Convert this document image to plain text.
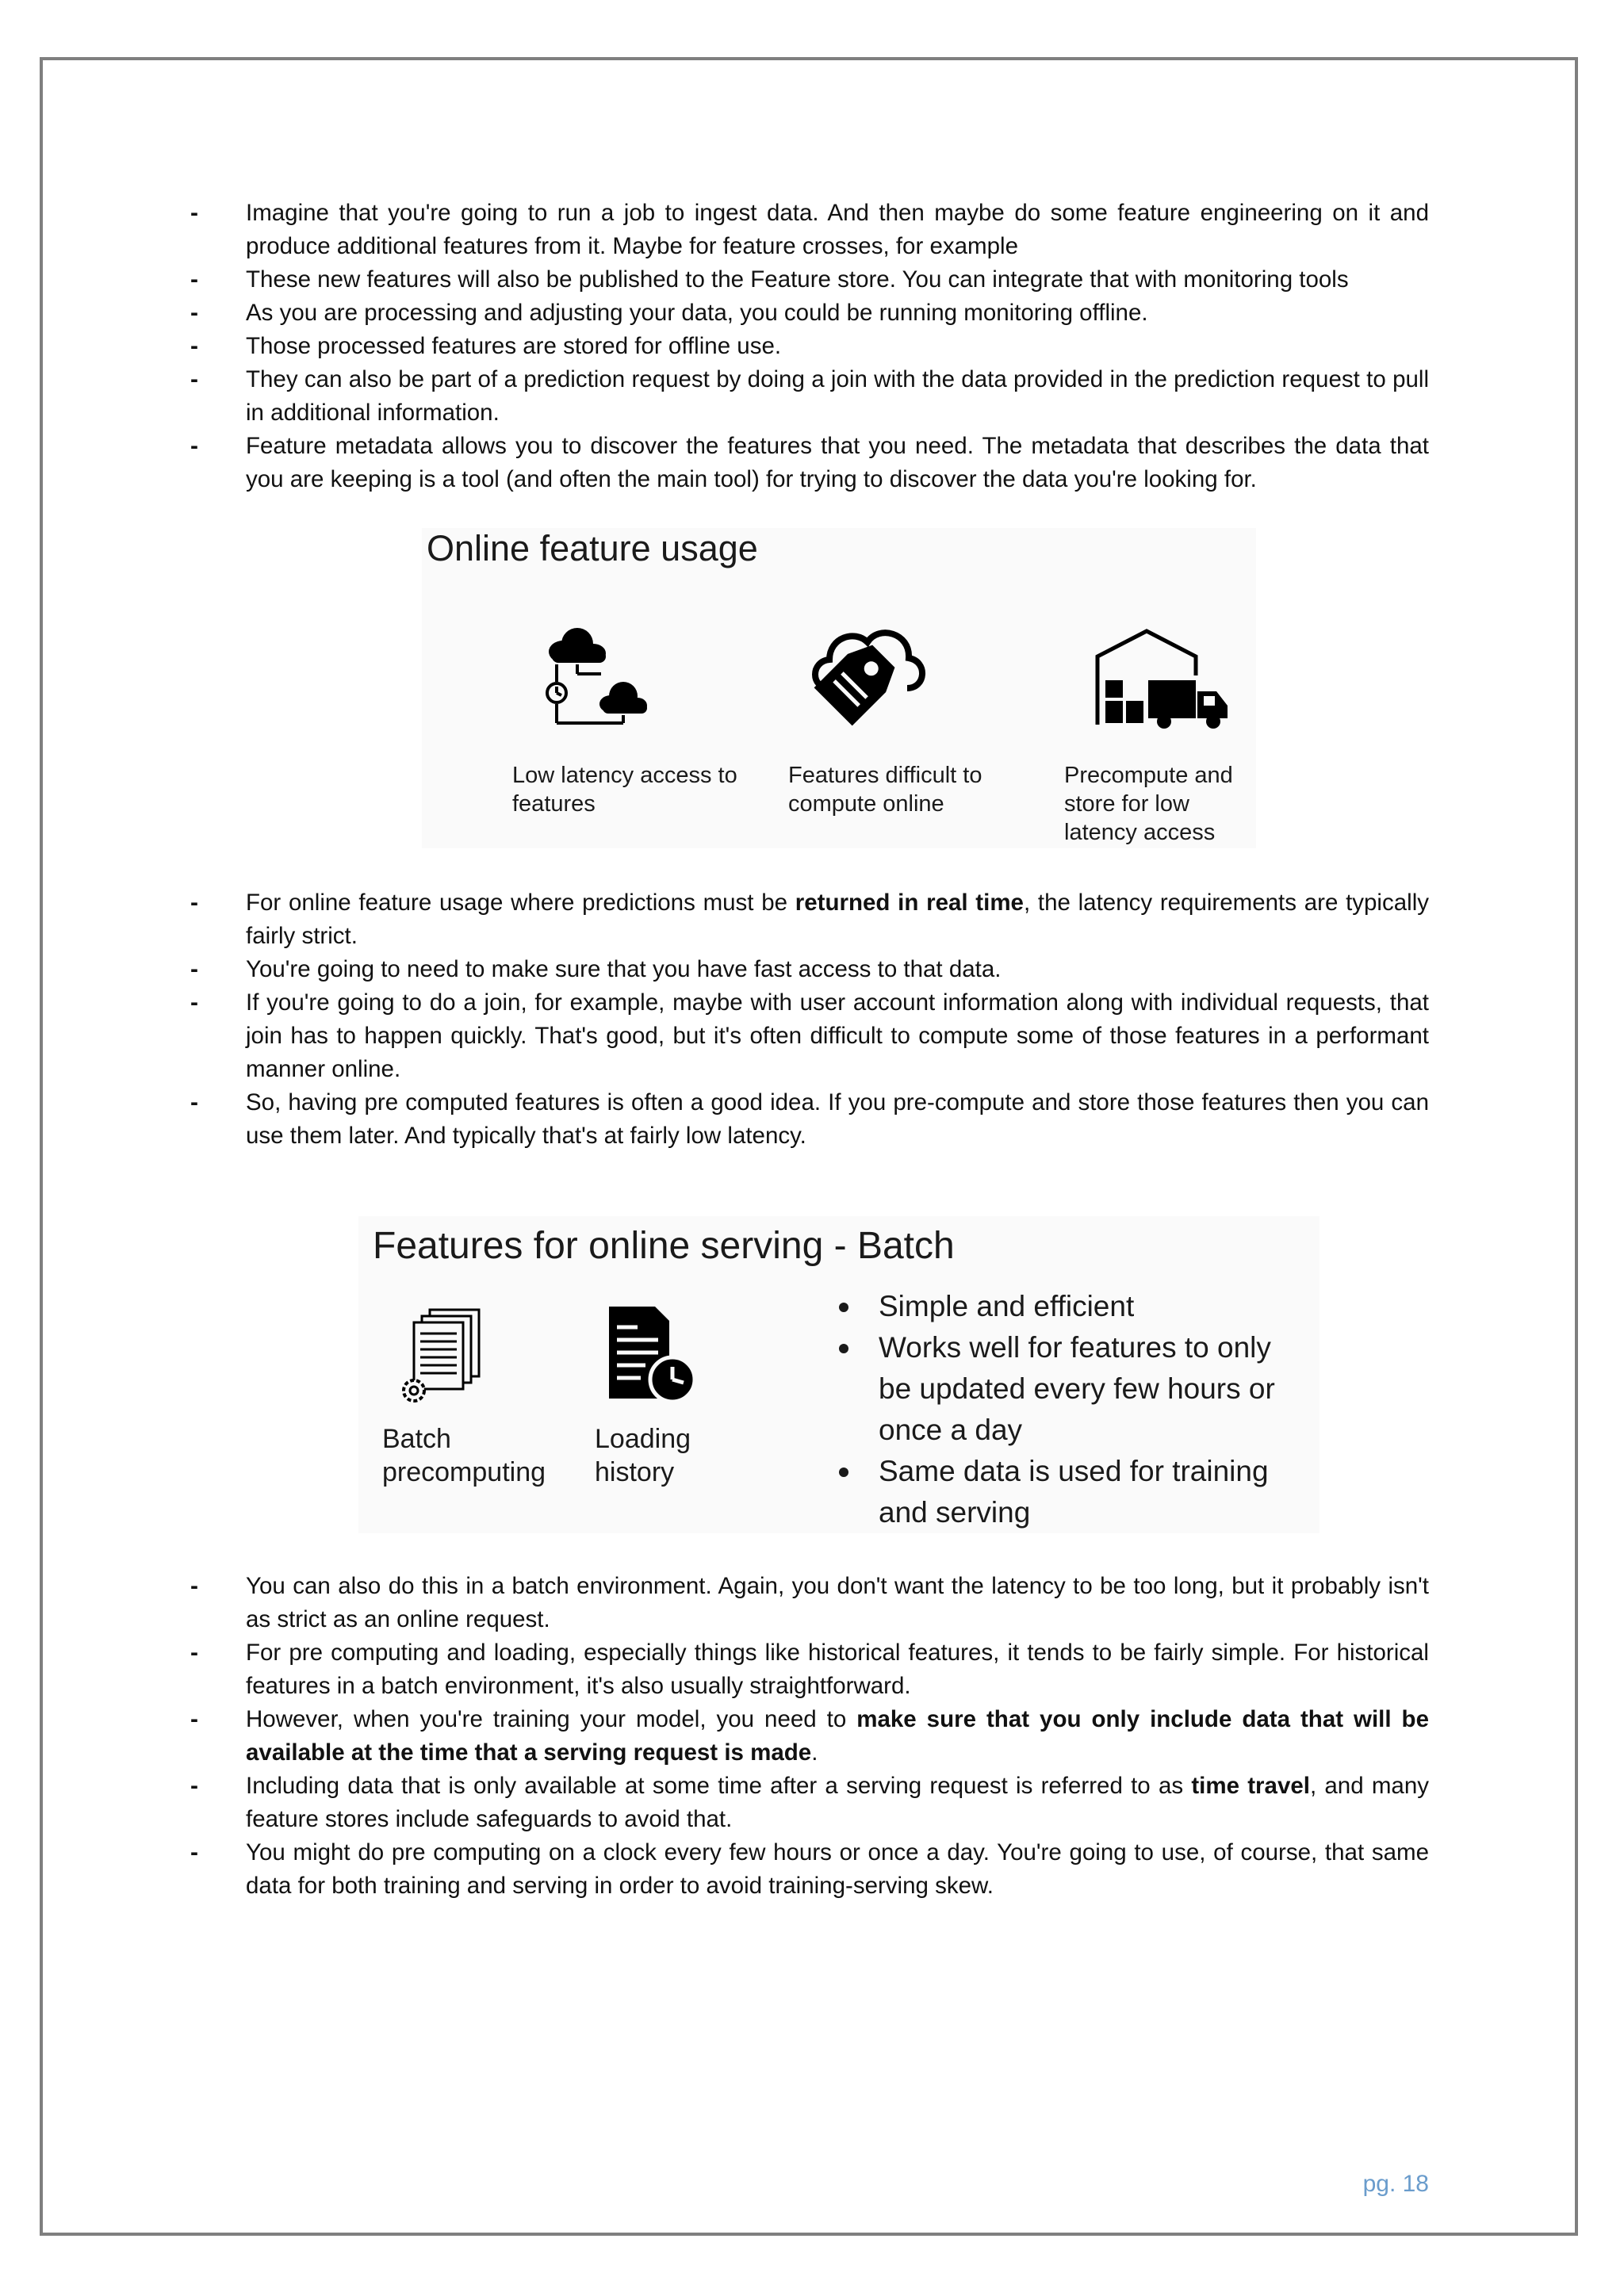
-	Imagine that you're going to run a job to ingest data. And then maybe do some feature engineering on it and produce additional features from it. Maybe for feature crosses, for example
-	These new features will also be published to the Feature store. You can integrate that with monitoring tools
-	As you are processing and adjusting your data, you could be running monitoring offline.
-	Those processed features are stored for offline use.
-	They can also be part of a prediction request by doing a join with the data provided in the prediction request to pull in additional information.
-	Feature metadata allows you to discover the features that you need. The metadata that describes the data that you are keeping is a tool (and often the main tool) for trying to discover the data you're looking for.
Online feature usage
Low latency access to features
Features difficult to compute online
Precompute and store for low latency access
-	For online feature usage where predictions must be returned in real time, the latency requirements are typically fairly strict.
-	You're going to need to make sure that you have fast access to that data.
-	If you're going to do a join, for example, maybe with user account information along with individual requests, that join has to happen quickly. That's good, but it's often difficult to compute some of those features in a performant manner online.
-	So, having pre computed features is often a good idea. If you pre-compute and store those features then you can use them later. And typically that's at fairly low latency.
Features for online serving - Batch
Batch precomputing
Loading history
Simple and efficient
Works well for features to only be updated every few hours or once a day
Same data is used for training and serving
-	You can also do this in a batch environment. Again, you don't want the latency to be too long, but it probably isn't as strict as an online request.
-	For pre computing and loading, especially things like historical features, it tends to be fairly simple. For historical features in a batch environment, it's also usually straightforward.
-	However, when you're training your model, you need to make sure that you only include data that will be available at the time that a serving request is made.
-	Including data that is only available at some time after a serving request is referred to as time travel, and many feature stores include safeguards to avoid that.
-	You might do pre computing on a clock every few hours or once a day. You're going to use, of course, that same data for both training and serving in order to avoid training-serving skew.
pg. 18
